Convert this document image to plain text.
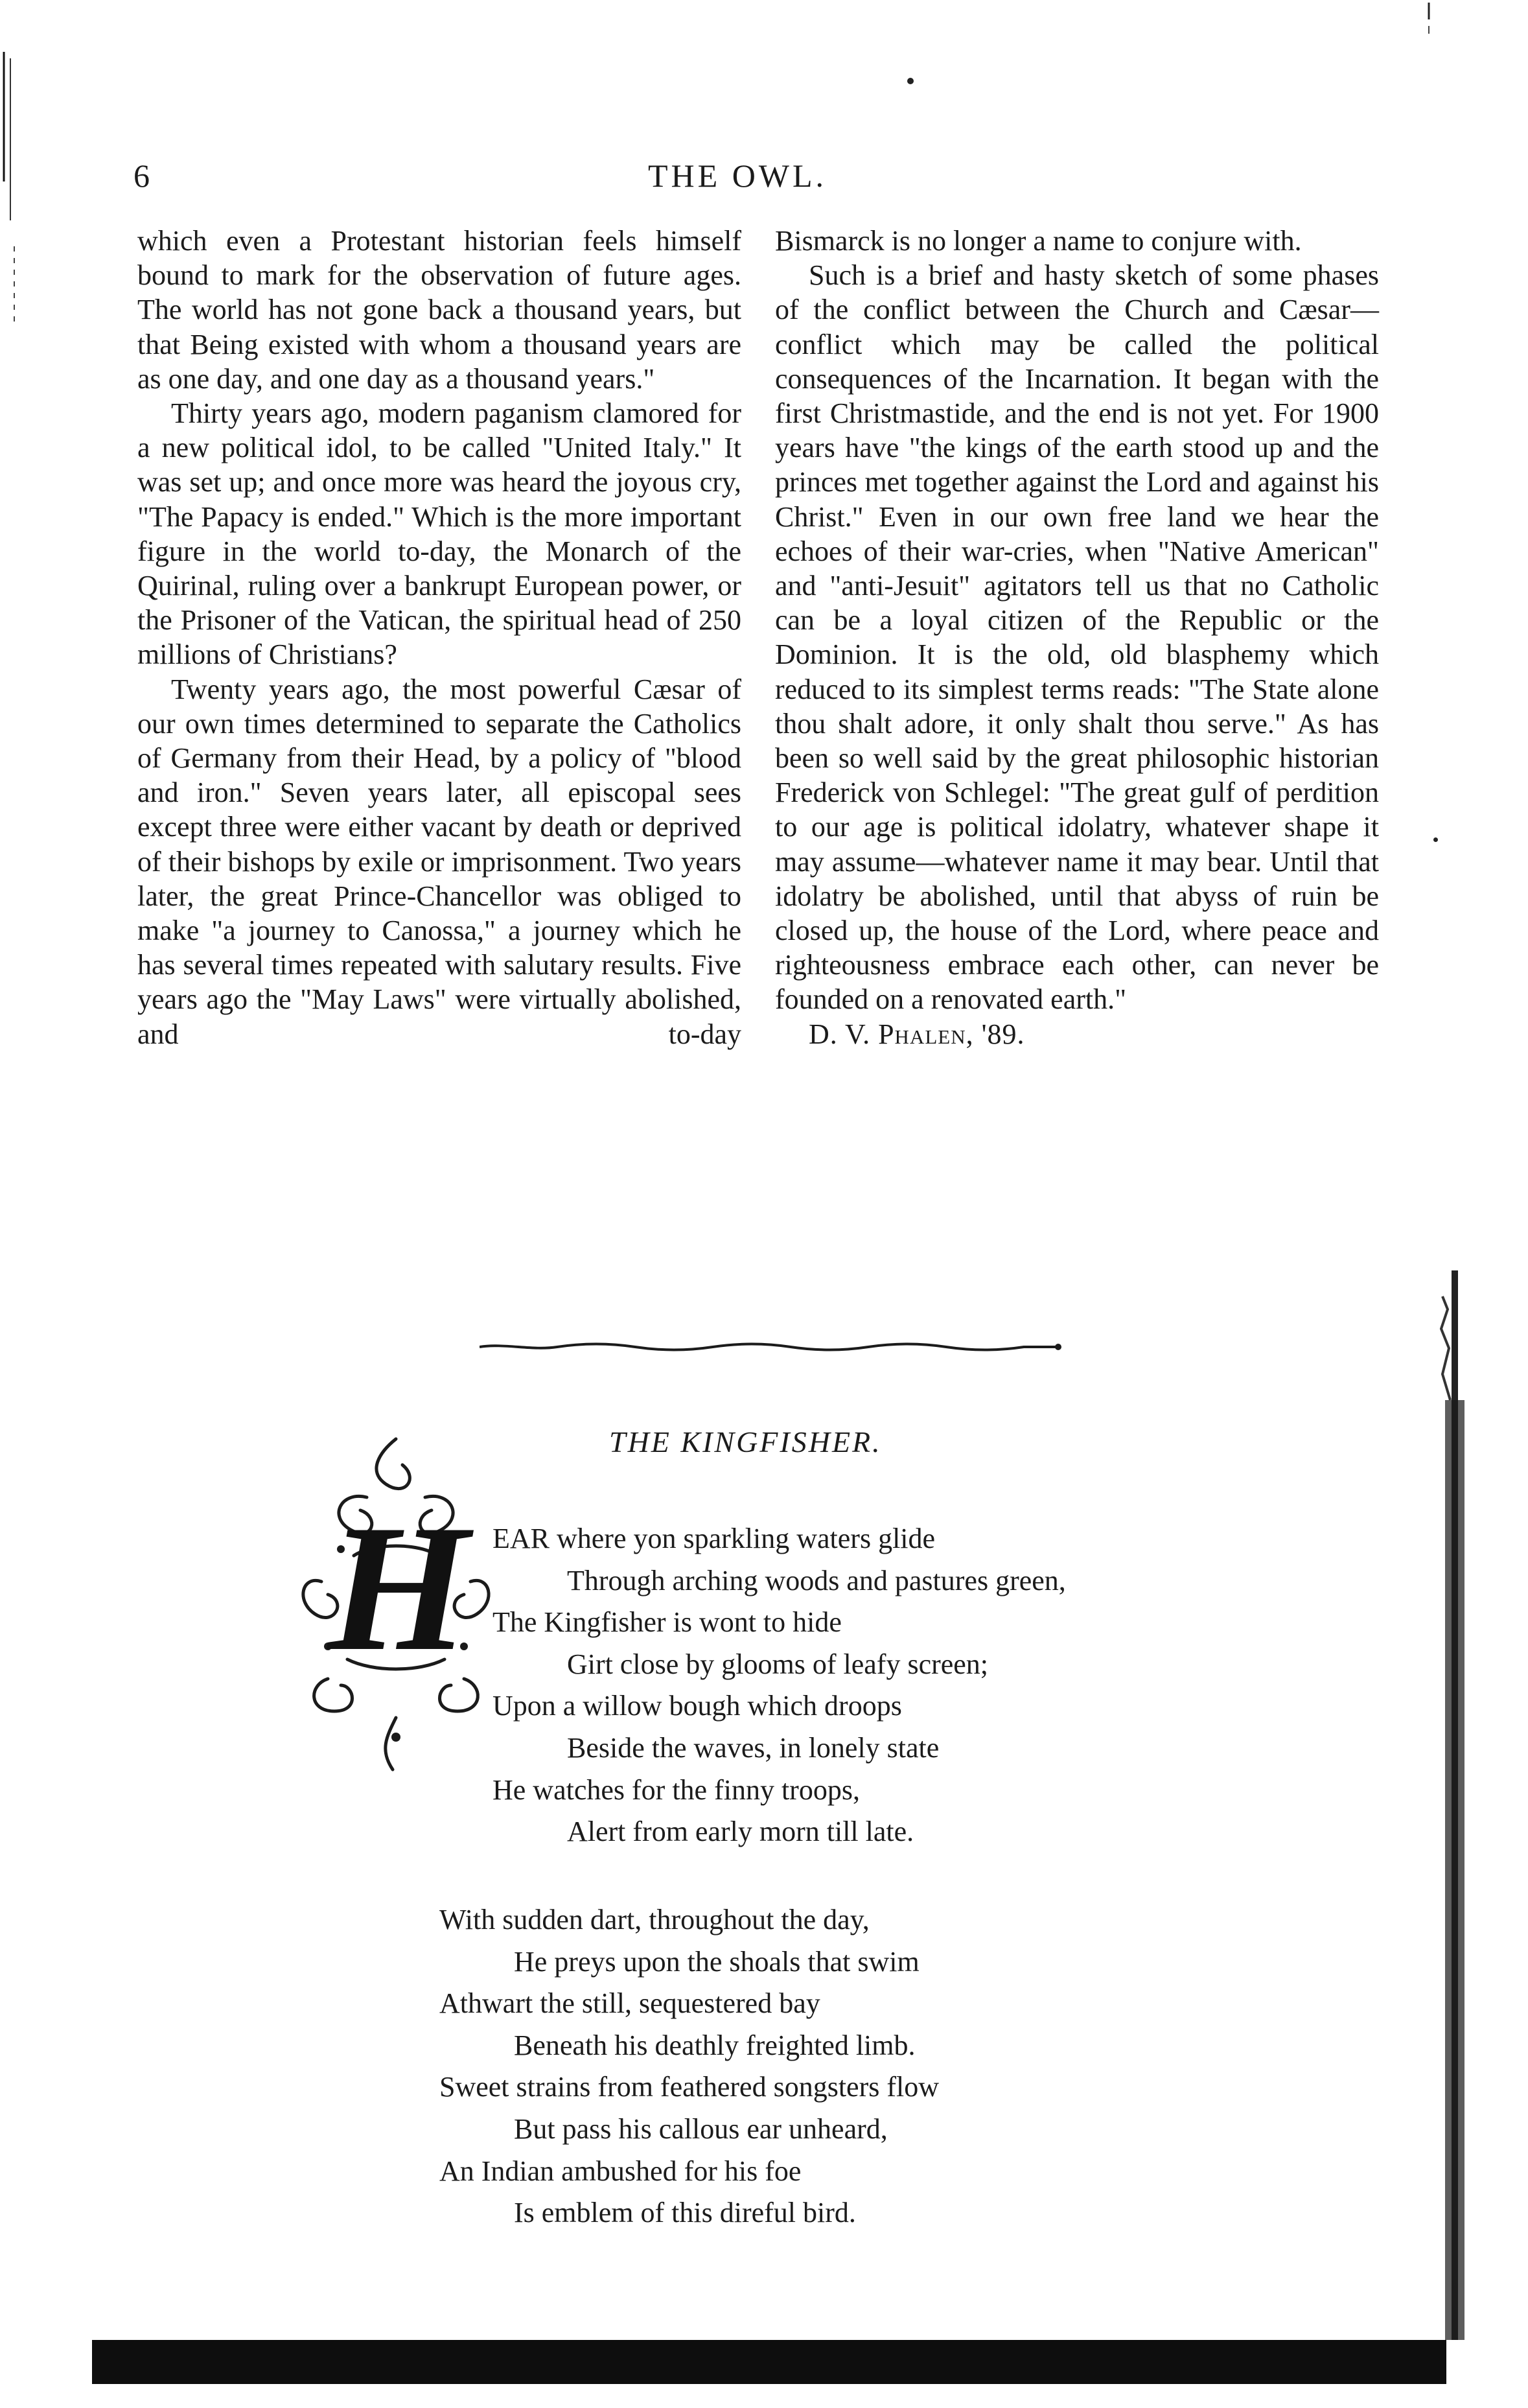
6	THE OWL.

which even a Protestant historian feels himself bound to mark for the observation of future ages. The world has not gone back a thousand years, but that Being existed with whom a thousand years are as one day, and one day as a thousand years."

Thirty years ago, modern paganism clamored for a new political idol, to be called "United Italy." It was set up; and once more was heard the joyous cry, "The Papacy is ended." Which is the more important figure in the world to-day, the Monarch of the Quirinal, ruling over a bankrupt European power, or the Prisoner of the Vatican, the spiritual head of 250 millions of Christians?

Twenty years ago, the most powerful Cæsar of our own times determined to separate the Catholics of Germany from their Head, by a policy of "blood and iron." Seven years later, all episcopal sees except three were either vacant by death or deprived of their bishops by exile or imprisonment. Two years later, the great Prince-Chancellor was obliged to make "a journey to Canossa," a journey which he has several times repeated with salutary results. Five years ago the "May Laws" were virtually abolished, and to-day

Bismarck is no longer a name to conjure with.

Such is a brief and hasty sketch of some phases of the conflict between the Church and Cæsar—conflict which may be called the political consequences of the Incarnation. It began with the first Christmastide, and the end is not yet. For 1900 years have "the kings of the earth stood up and the princes met together against the Lord and against his Christ." Even in our own free land we hear the echoes of their war-cries, when "Native American" and "anti-Jesuit" agitators tell us that no Catholic can be a loyal citizen of the Republic or the Dominion. It is the old, old blasphemy which reduced to its simplest terms reads: "The State alone thou shalt adore, it only shalt thou serve." As has been so well said by the great philosophic historian Frederick von Schlegel: "The great gulf of perdition to our age is political idolatry, whatever shape it may assume—whatever name it may bear. Until that idolatry be abolished, until that abyss of ruin be closed up, the house of the Lord, where peace and righteousness embrace each other, can never be founded on a renovated earth."

D. V. Phalen, '89.

THE KINGFISHER.
H EAR where yon sparkling waters glide
Through arching woods and pastures green,
The Kingfisher is wont to hide
Girt close by glooms of leafy screen;
Upon a willow bough which droops
Beside the waves, in lonely state
He watches for the finny troops,
Alert from early morn till late.
With sudden dart, throughout the day,
He preys upon the shoals that swim
Athwart the still, sequestered bay
Beneath his deathly freighted limb.
Sweet strains from feathered songsters flow
But pass his callous ear unheard,
An Indian ambushed for his foe
Is emblem of this direful bird.
